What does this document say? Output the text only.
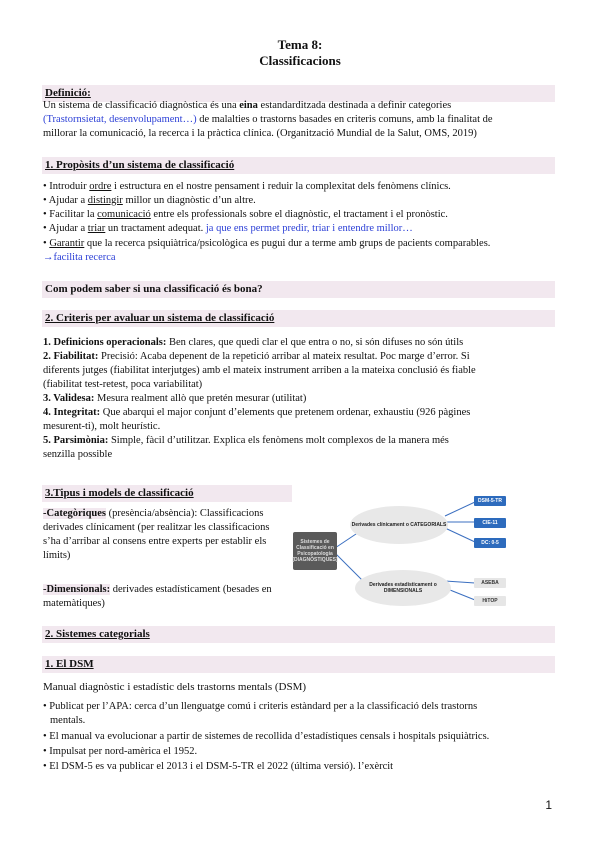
Tema 8:
Classificacions
Definició:
Un sistema de classificació diagnòstica és una eina estandarditzada destinada a definir categories
(Trastornsietat, desenvolupament…) de malalties o trastorns basades en criteris comuns, amb la finalitat de
millorar la comunicació, la recerca i la pràctica clínica. (Organització Mundial de la Salut, OMS, 2019)
1. Propòsits d’un sistema de classificació
• Introduir ordre i estructura en el nostre pensament i reduir la complexitat dels fenòmens clínics.
• Ajudar a distingir millor un diagnòstic d’un altre.
• Facilitar la comunicació entre els professionals sobre el diagnòstic, el tractament i el pronòstic.
• Ajudar a triar un tractament adequat. ja que ens permet predir, triar i entendre millor…
• Garantir que la recerca psiquiàtrica/psicològica es pugui dur a terme amb grups de pacients comparables.
→facilita recerca
Com podem saber si una classificació és bona?
2. Criteris per avaluar un sistema de classificació
1. Definicions operacionals: Ben clares, que quedi clar el que entra o no, si són difuses no són útils
2. Fiabilitat: Precisió: Acaba depenent de la repetició arribar al mateix resultat. Poc marge d’error. Si
diferents jutges (fiabilitat interjutges) amb el mateix instrument arriben a la mateixa conclusió és fiable
(fiabilitat test-retest, poca variabilitat)
3. Validesa: Mesura realment allò que pretén mesurar (utilitat)
4. Integritat: Que abarqui el major conjunt d’elements que pretenem ordenar, exhaustiu (926 pàgines
mesurent-ti), molt heurístic.
5. Parsimònia: Simple, fàcil d’utilitzar. Explica els fenòmens molt complexos de la manera més
senzilla possible
3.Tipus i models de classificació
-Categòriques (presència/absència): Classificacions
derivades clínicament (per realitzar les classificacions
s’ha d’arribar al consens entre experts per establir els
límits)
-Dimensionals: derivades estadísticament (besades en
matemàtiques)
Sistemes de Classificació en Psicopatologia [DIAGNÒSTIQUES]
Derivades clínicament o CATEGORIALS
Derivades estadísticament o DIMENSIONALS
DSM-5-TR
CIE-11
DC: 0-5
ASEBA
HiTOP
2. Sistemes categorials
1. El DSM
Manual diagnòstic i estadístic dels trastorns mentals (DSM)
• Publicat per l’APA: cerca d’un llenguatge comú i criteris estàndard per a la classificació dels trastorns
mentals.
• El manual va evolucionar a partir de sistemes de recollida d’estadístiques censals i hospitals psiquiàtrics.
• Impulsat per nord-amèrica el 1952.
• El DSM-5 es va publicar el 2013 i el DSM-5-TR el 2022 (última versió). l’exèrcit
1
